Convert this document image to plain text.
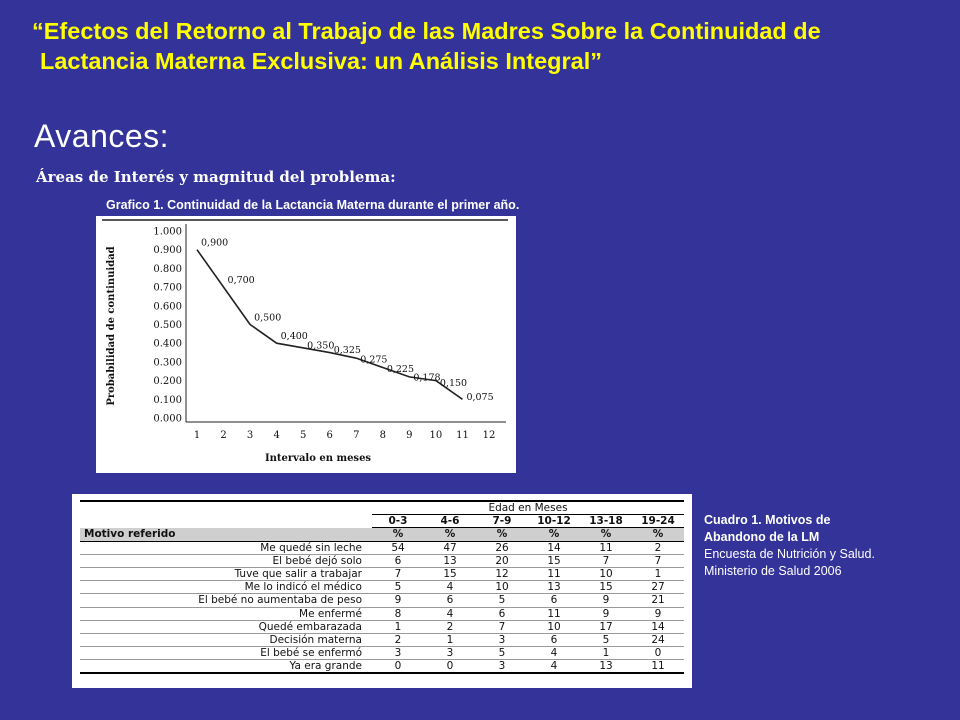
“Efectos del Retorno al Trabajo de las Madres Sobre la Continuidad de
Lactancia Materna Exclusiva: un Análisis Integral”
Avances:
Áreas de Interés y magnitud del problema:
Grafico 1. Continuidad de la Lactancia Materna durante el primer año.
1.000
0.900
0.800
0.700
0.600
0.500
0.400
0.300
0.200
0.100
0.000
1 2 3 4 5 6 7 8 9 10 11 12
Intervalo en meses
Probabilidad de continuidad
0,900
0,700
0,500
0,400
0,350 0,325
0,275
0,225
0,178 0,150
0,075
	Edad en Meses					
	0-3	4-6	7-9	10-12	13-18	19-24
Motivo referido	%	%	%	%	%	%
Me quedé sin leche	54	47	26	14	11	2
El bebé dejó solo	6	13	20	15	7	7
Tuve que salir a trabajar	7	15	12	11	10	1
Me lo indicó el médico	5	4	10	13	15	27
El bebé no aumentaba de peso	9	6	5	6	9	21
Me enfermé	8	4	6	11	9	9
Quedé embarazada	1	2	7	10	17	14
Decisión materna	2	1	3	6	5	24
El bebé se enfermó	3	3	5	4	1	0
Ya era grande	0	0	3	4	13	11
Cuadro 1. Motivos de
Abandono de la LM
Encuesta de Nutrición y Salud.
Ministerio de Salud 2006
